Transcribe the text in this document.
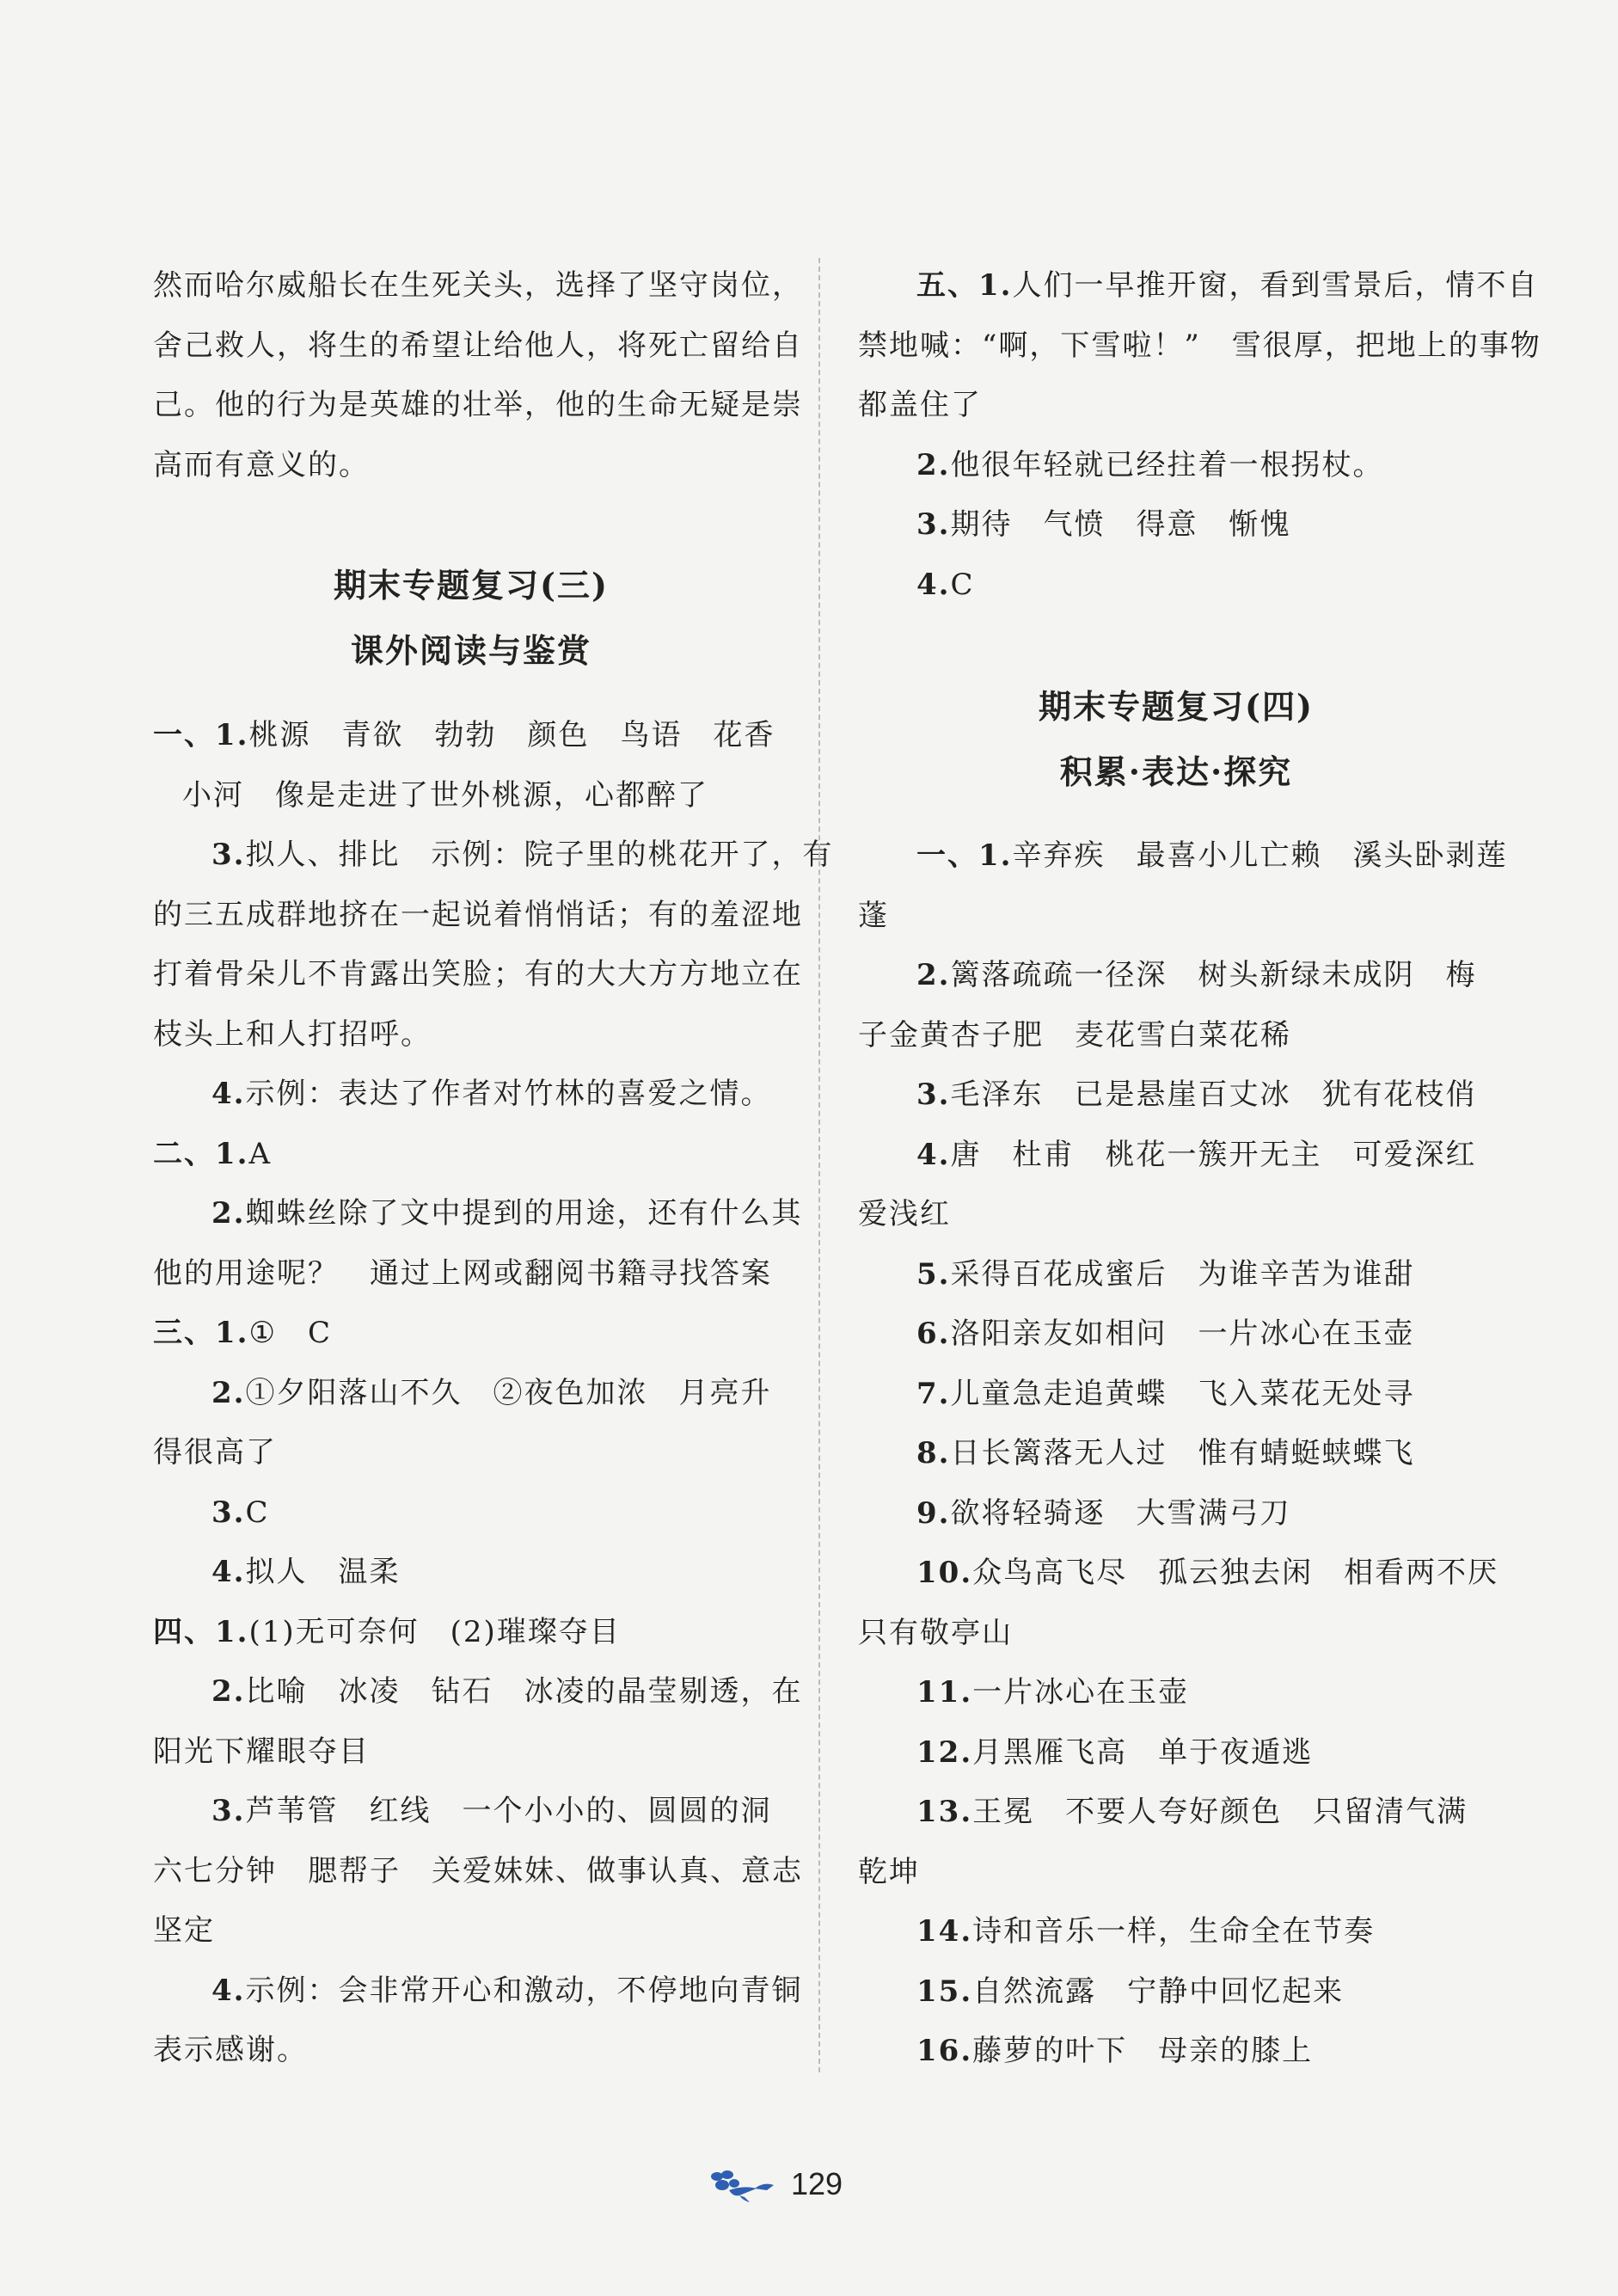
然而哈尔威船长在生死关头，选择了坚守岗位，
舍己救人，将生的希望让给他人，将死亡留给自
己。他的行为是英雄的壮举，他的生命无疑是崇
高而有意义的。
期末专题复习(三)
课外阅读与鉴赏
一、1.桃源　青欲　勃勃　颜色　鸟语　花香
小河　像是走进了世外桃源，心都醉了
3.拟人、排比　示例：院子里的桃花开了，有
的三五成群地挤在一起说着悄悄话；有的羞涩地
打着骨朵儿不肯露出笑脸；有的大大方方地立在
枝头上和人打招呼。
4.示例：表达了作者对竹林的喜爱之情。
二、1.A
2.蜘蛛丝除了文中提到的用途，还有什么其
他的用途呢？　通过上网或翻阅书籍寻找答案
三、1.①　C
2.①夕阳落山不久　②夜色加浓　月亮升
得很高了
3.C
4.拟人　温柔
四、1.(1)无可奈何　(2)璀璨夺目
2.比喻　冰凌　钻石　冰凌的晶莹剔透，在
阳光下耀眼夺目
3.芦苇管　红线　一个小小的、圆圆的洞
六七分钟　腮帮子　关爱妹妹、做事认真、意志
坚定
4.示例：会非常开心和激动，不停地向青铜
表示感谢。
五、1.人们一早推开窗，看到雪景后，情不自
禁地喊：“啊，下雪啦！”　雪很厚，把地上的事物
都盖住了
2.他很年轻就已经拄着一根拐杖。
3.期待　气愤　得意　惭愧
4.C
期末专题复习(四)
积累·表达·探究
一、1.辛弃疾　最喜小儿亡赖　溪头卧剥莲
蓬
2.篱落疏疏一径深　树头新绿未成阴　梅
子金黄杏子肥　麦花雪白菜花稀
3.毛泽东　已是悬崖百丈冰　犹有花枝俏
4.唐　杜甫　桃花一簇开无主　可爱深红
爱浅红
5.采得百花成蜜后　为谁辛苦为谁甜
6.洛阳亲友如相问　一片冰心在玉壶
7.儿童急走追黄蝶　飞入菜花无处寻
8.日长篱落无人过　惟有蜻蜓蛱蝶飞
9.欲将轻骑逐　大雪满弓刀
10.众鸟高飞尽　孤云独去闲　相看两不厌
只有敬亭山
11.一片冰心在玉壶
12.月黑雁飞高　单于夜遁逃
13.王冕　不要人夸好颜色　只留清气满
乾坤
14.诗和音乐一样，生命全在节奏
15.自然流露　宁静中回忆起来
16.藤萝的叶下　母亲的膝上
129
